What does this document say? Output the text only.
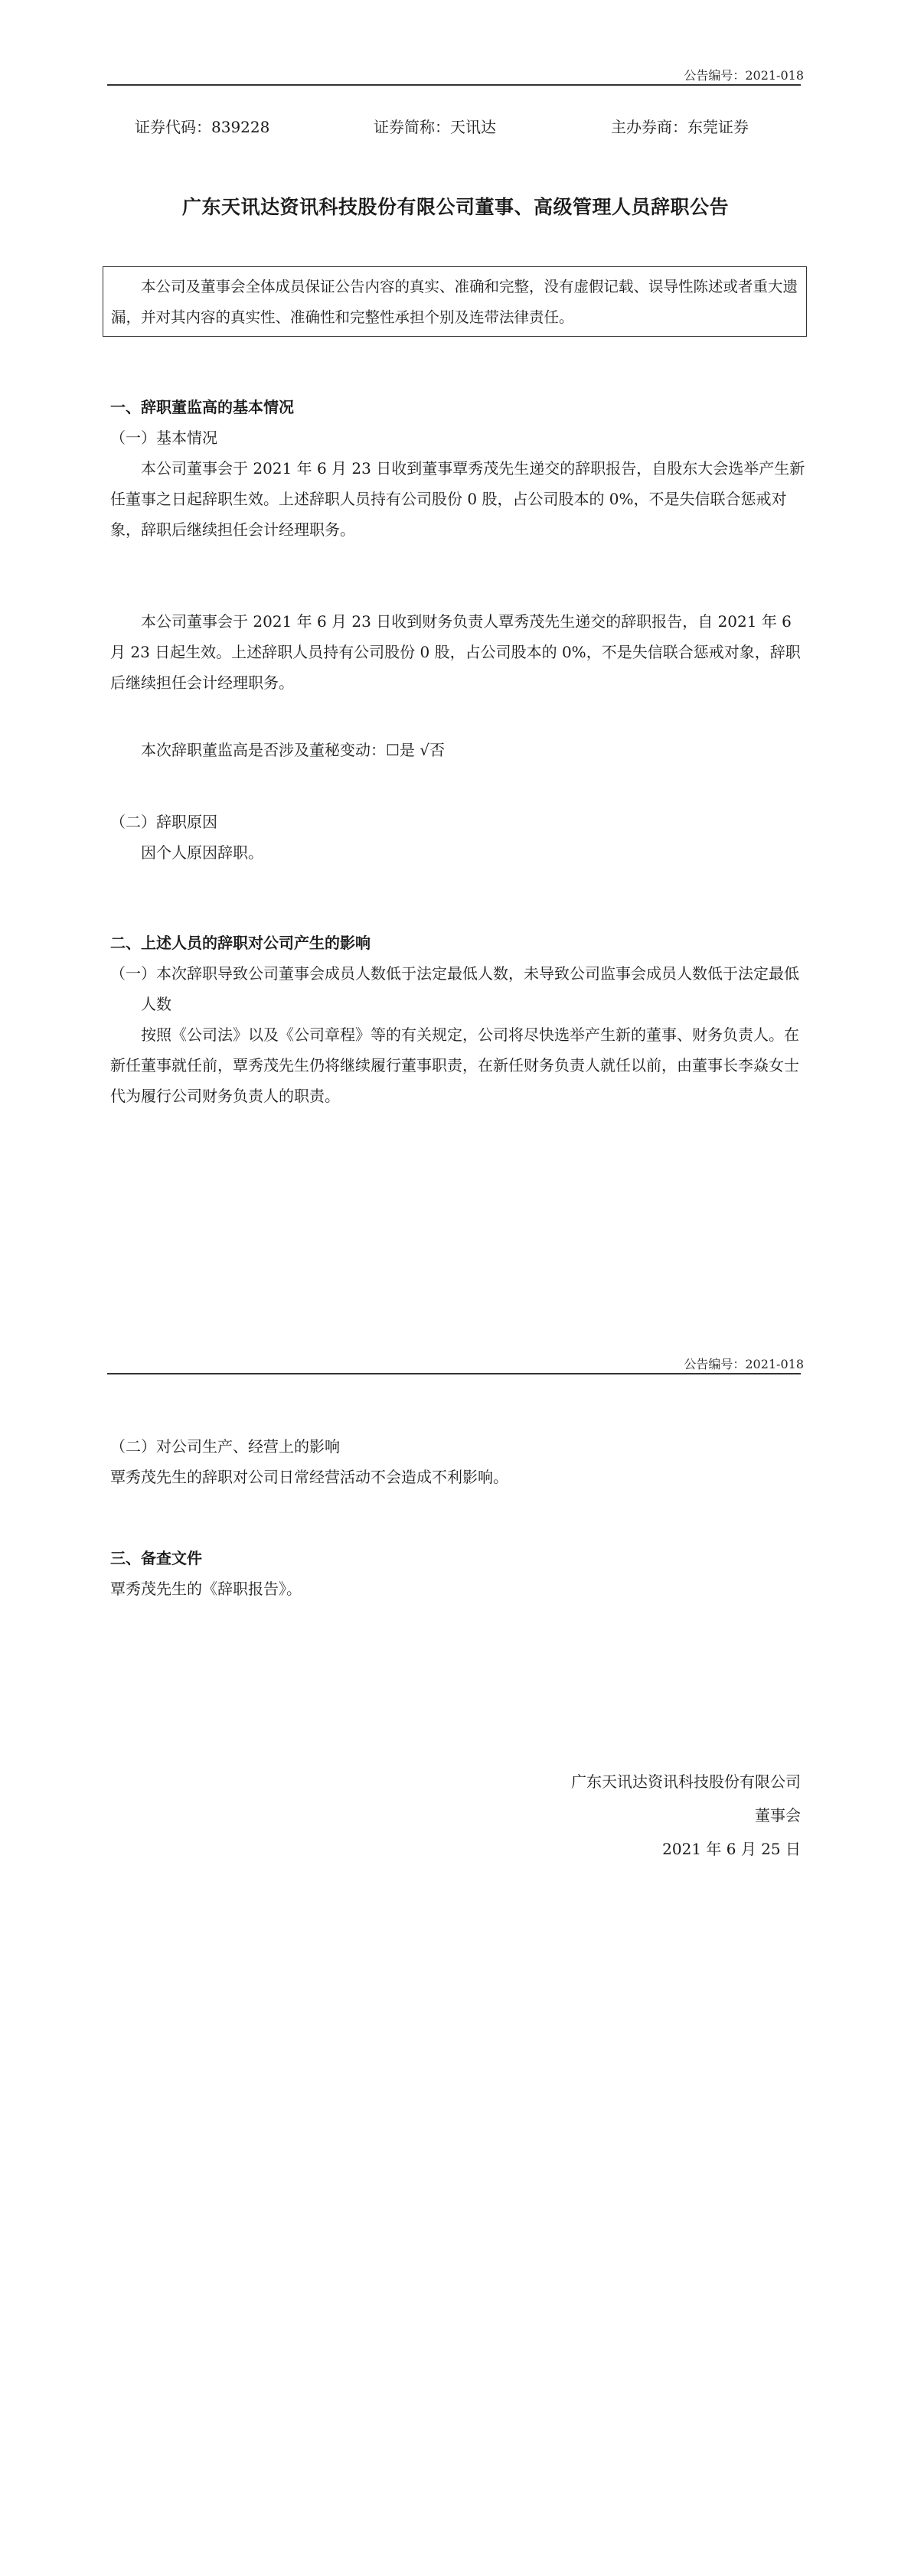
公告编号：2021-018
证券代码：839228	证券简称：天讯达	主办券商：东莞证券
广东天讯达资讯科技股份有限公司董事、高级管理人员辞职公告

本公司及董事会全体成员保证公告内容的真实、准确和完整，没有虚假记载、误导性陈述或者重大遗漏，并对其内容的真实性、准确性和完整性承担个别及连带法律责任。

一、辞职董监高的基本情况

（一）基本情况

本公司董事会于 2021 年 6 月 23 日收到董事覃秀茂先生递交的辞职报告，自股东大会选举产生新任董事之日起辞职生效。上述辞职人员持有公司股份 0 股，占公司股本的 0%，不是失信联合惩戒对象，辞职后继续担任会计经理职务。

本公司董事会于 2021 年 6 月 23 日收到财务负责人覃秀茂先生递交的辞职报告，自 2021 年 6 月 23 日起生效。上述辞职人员持有公司股份 0 股，占公司股本的 0%，不是失信联合惩戒对象，辞职后继续担任会计经理职务。

本次辞职董监高是否涉及董秘变动：☐是 √否

（二）辞职原因

因个人原因辞职。

二、上述人员的辞职对公司产生的影响

（一）本次辞职导致公司董事会成员人数低于法定最低人数，未导致公司监事会成员人数低于法定最低人数

按照《公司法》以及《公司章程》等的有关规定，公司将尽快选举产生新的董事、财务负责人。在新任董事就任前，覃秀茂先生仍将继续履行董事职责，在新任财务负责人就任以前，由董事长李焱女士代为履行公司财务负责人的职责。

公告编号：2021-018

（二）对公司生产、经营上的影响

覃秀茂先生的辞职对公司日常经营活动不会造成不利影响。

三、备查文件

覃秀茂先生的《辞职报告》。

广东天讯达资讯科技股份有限公司

董事会

2021 年 6 月 25 日
